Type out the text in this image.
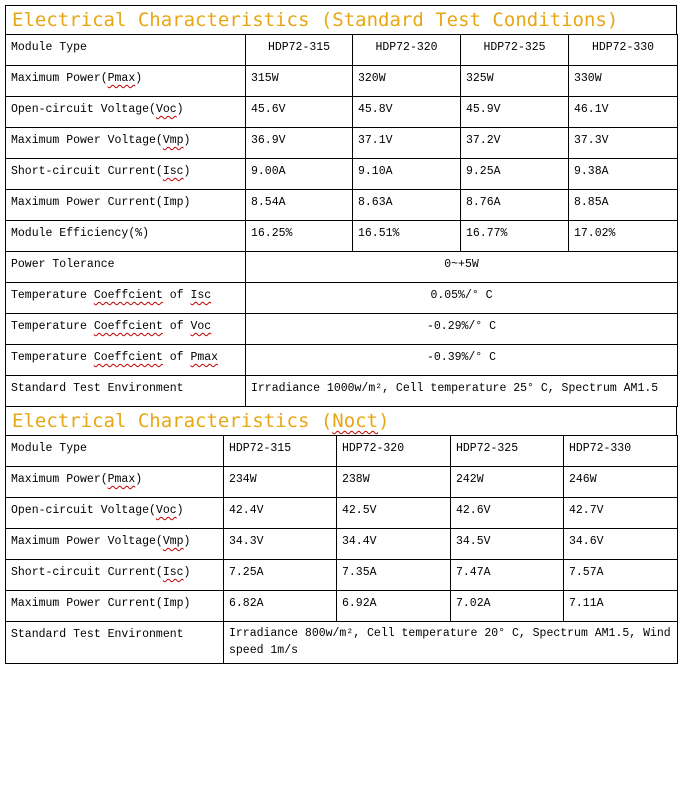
Electrical Characteristics (Standard Test Conditions)
Module Type	HDP72-315	HDP72-320	HDP72-325	HDP72-330
Maximum Power(Pmax)	315W	320W	325W	330W
Open-circuit Voltage(Voc)	45.6V	45.8V	45.9V	46.1V
Maximum Power Voltage(Vmp)	36.9V	37.1V	37.2V	37.3V
Short-circuit Current(Isc)	9.00A	9.10A	9.25A	9.38A
Maximum Power Current(Imp)	8.54A	8.63A	8.76A	8.85A
Module Efficiency(%)	16.25%	16.51%	16.77%	17.02%
Power Tolerance	0~+5W			
Temperature Coeffcient of Isc	0.05%/° C			
Temperature Coeffcient of Voc	-0.29%/° C			
Temperature Coeffcient of Pmax	-0.39%/° C			
Standard Test Environment	Irradiance 1000w/m², Cell temperature 25° C, Spectrum AM1.5			
Electrical Characteristics (Noct)
Module Type	HDP72-315	HDP72-320	HDP72-325	HDP72-330
Maximum Power(Pmax)	234W	238W	242W	246W
Open-circuit Voltage(Voc)	42.4V	42.5V	42.6V	42.7V
Maximum Power Voltage(Vmp)	34.3V	34.4V	34.5V	34.6V
Short-circuit Current(Isc)	7.25A	7.35A	7.47A	7.57A
Maximum Power Current(Imp)	6.82A	6.92A	7.02A	7.11A
Standard Test Environment	Irradiance 800w/m², Cell temperature 20° C, Spectrum AM1.5, Wind speed 1m/s			
